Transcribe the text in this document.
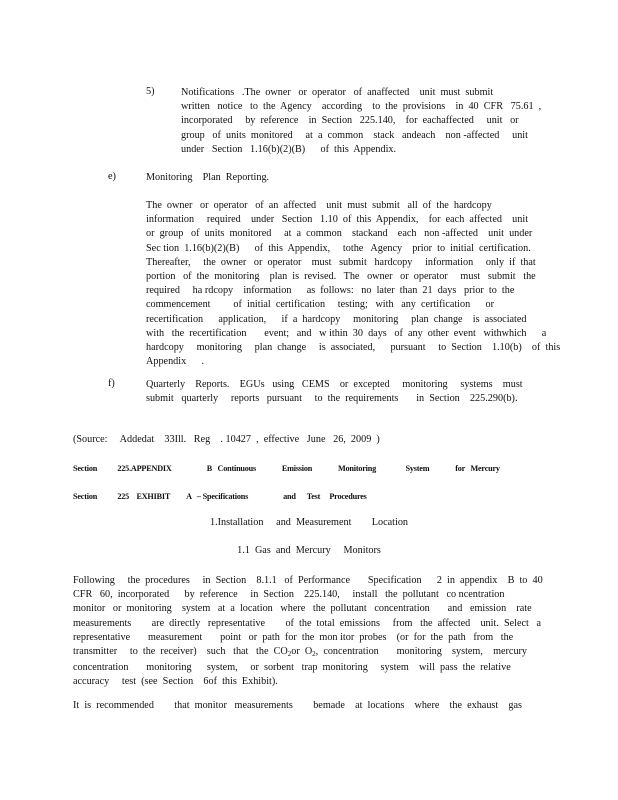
5)	Notifications   .The  owner   or  operator   of  anaffected    unit  must  submit

written   notice   to  the  Agency    according    to  the  provisions    in  40  CFR   75.61  ,

incorporated     by  reference    in  Section   225.140,    for  eachaffected     unit   or

group   of  units  monitored     at  a  common    stack   andeach    non -affected     unit

under   Section   1.16(b)(2)(B)      of  this  Appendix.

e)	Monitoring    Plan  Reporting.

The  owner   or  operator   of  an  affected    unit  must  submit   all  of  the  hardcopy

information     required    under   Section   1.10  of  this  Appendix,    for  each  affected    unit

or  group   of  units  monitored     at  a  common    stackand    each   non -affected    unit  under

Sec tion  1.16(b)(2)(B)      of  this  Appendix,     tothe   Agency    prior  to  initial  certification.

Thereafter,     the  owner   or  operator    must   submit   hardcopy     information     only  if  that

portion   of  the  monitoring    plan  is  revised.   The   owner   or  operator     must   submit   the

required     ha rdcopy    information      as  follows:   no  later  than  21  days   prior  to  the

commencement         of  initial  certification     testing;   with   any  certification      or

recertification      application,      if  a  hardcopy     monitoring     plan  change    is  associated

with   the  recertification       event;   and   w ithin  30  days   of  any  other  event   withwhich      a

hardcopy     monitoring     plan  change     is  associated,      pursuant     to  Section    1.10(b)    of  this

Appendix      .

f)	Quarterly    Reports.    EGUs   using   CEMS    or  excepted     monitoring     systems    must

submit   quarterly     reports   pursuant     to  the  requirements       in  Section    225.290(b).

(Source:     Addedat    33Ill.   Reg    . 10427  ,  effective   June   26,  2009  )

Section           225.APPENDIX                   B   Continuous              Emission              Monitoring                System              for   Mercury
Section           225    EXHIBIT         A   – Specifications                   and      Test     Procedures
1.Installation     and  Measurement        Location
1.1  Gas  and  Mercury     Monitors

Following     the  procedures     in  Section    8.1.1   of  Performance       Specification      2  in  appendix    B  to  40

CFR   60,  incorporated      by  reference     in  Section    225.140,     install   the  pollutant   co ncentration

monitor   or  monitoring    system   at  a  location   where   the  pollutant   concentration       and   emission    rate

measurements        are  directly   representative        of  the  total  emissions     from   the  affected    unit.  Select   a

representative       measurement       point   or  path  for  the  mon itor  probes    (or  for  the  path   from   the

transmitter     to  the  receiver)    such   that   the  $CO_2or$  $O_2$,  concentration       monitoring    system,    mercury

concentration       monitoring      system,     or  sorbent   trap  monitoring     system    will  pass  the  relative

accuracy     test  (see  Section    6of  this  Exhibit).

It  is  recommended        that  monitor   measurements        bemade    at  locations    where    the  exhaust    gas
